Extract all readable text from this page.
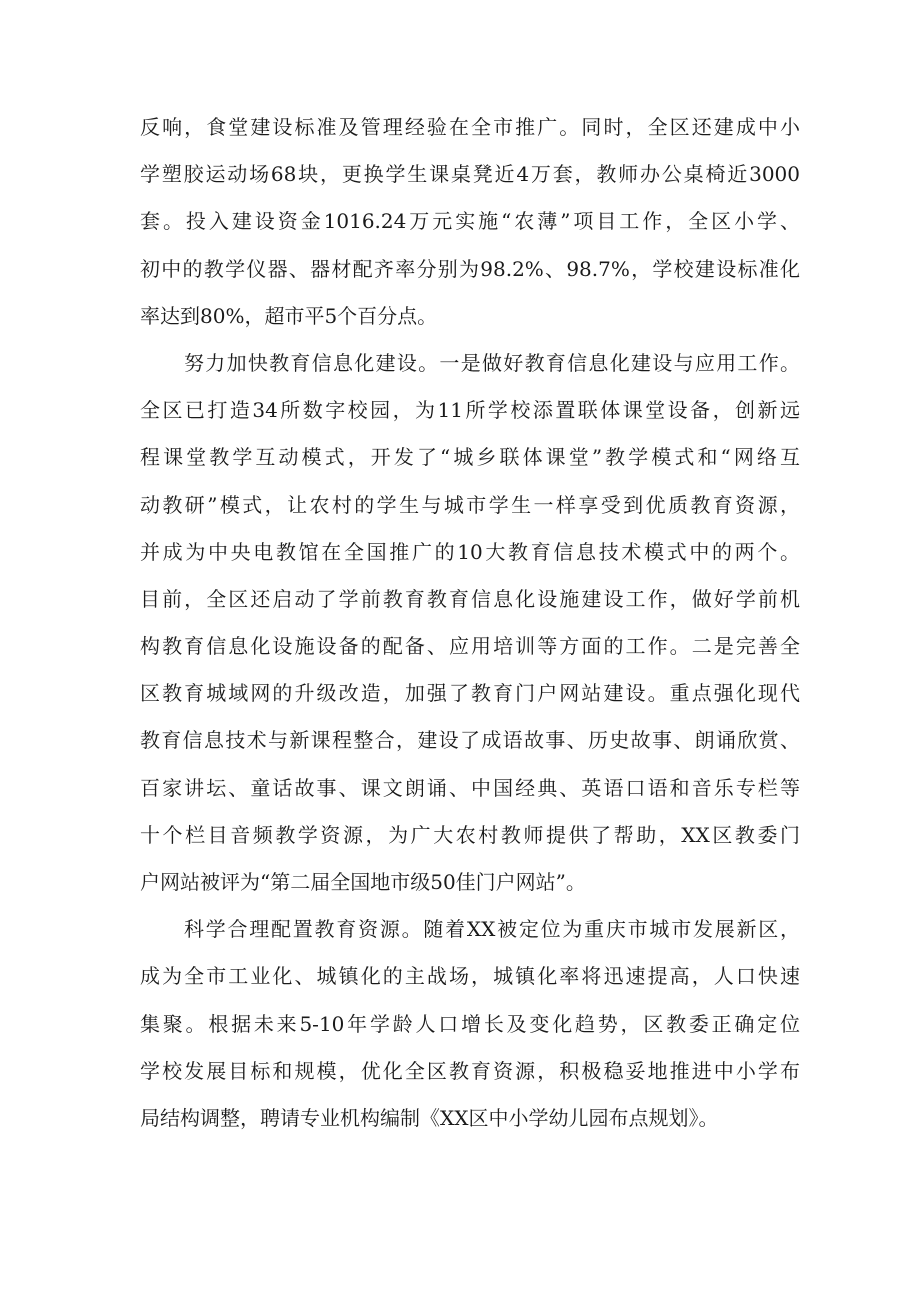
反响，食堂建设标准及管理经验在全市推广。同时，全区还建成中小
学塑胶运动场68块，更换学生课桌凳近4万套，教师办公桌椅近3000
套。投入建设资金1016.24万元实施“农薄”项目工作，全区小学、
初中的教学仪器、器材配齐率分别为98.2%、98.7%，学校建设标准化
率达到80%，超市平5个百分点。
努力加快教育信息化建设。一是做好教育信息化建设与应用工作。
全区已打造34所数字校园，为11所学校添置联体课堂设备，创新远
程课堂教学互动模式，开发了“城乡联体课堂”教学模式和“网络互
动教研”模式，让农村的学生与城市学生一样享受到优质教育资源，
并成为中央电教馆在全国推广的10大教育信息技术模式中的两个。
目前，全区还启动了学前教育教育信息化设施建设工作，做好学前机
构教育信息化设施设备的配备、应用培训等方面的工作。二是完善全
区教育城域网的升级改造，加强了教育门户网站建设。重点强化现代
教育信息技术与新课程整合，建设了成语故事、历史故事、朗诵欣赏、
百家讲坛、童话故事、课文朗诵、中国经典、英语口语和音乐专栏等
十个栏目音频教学资源，为广大农村教师提供了帮助，XX区教委门
户网站被评为“第二届全国地市级50佳门户网站”。
科学合理配置教育资源。随着XX被定位为重庆市城市发展新区，
成为全市工业化、城镇化的主战场，城镇化率将迅速提高，人口快速
集聚。根据未来5-10年学龄人口增长及变化趋势，区教委正确定位
学校发展目标和规模，优化全区教育资源，积极稳妥地推进中小学布
局结构调整，聘请专业机构编制《XX区中小学幼儿园布点规划》。
